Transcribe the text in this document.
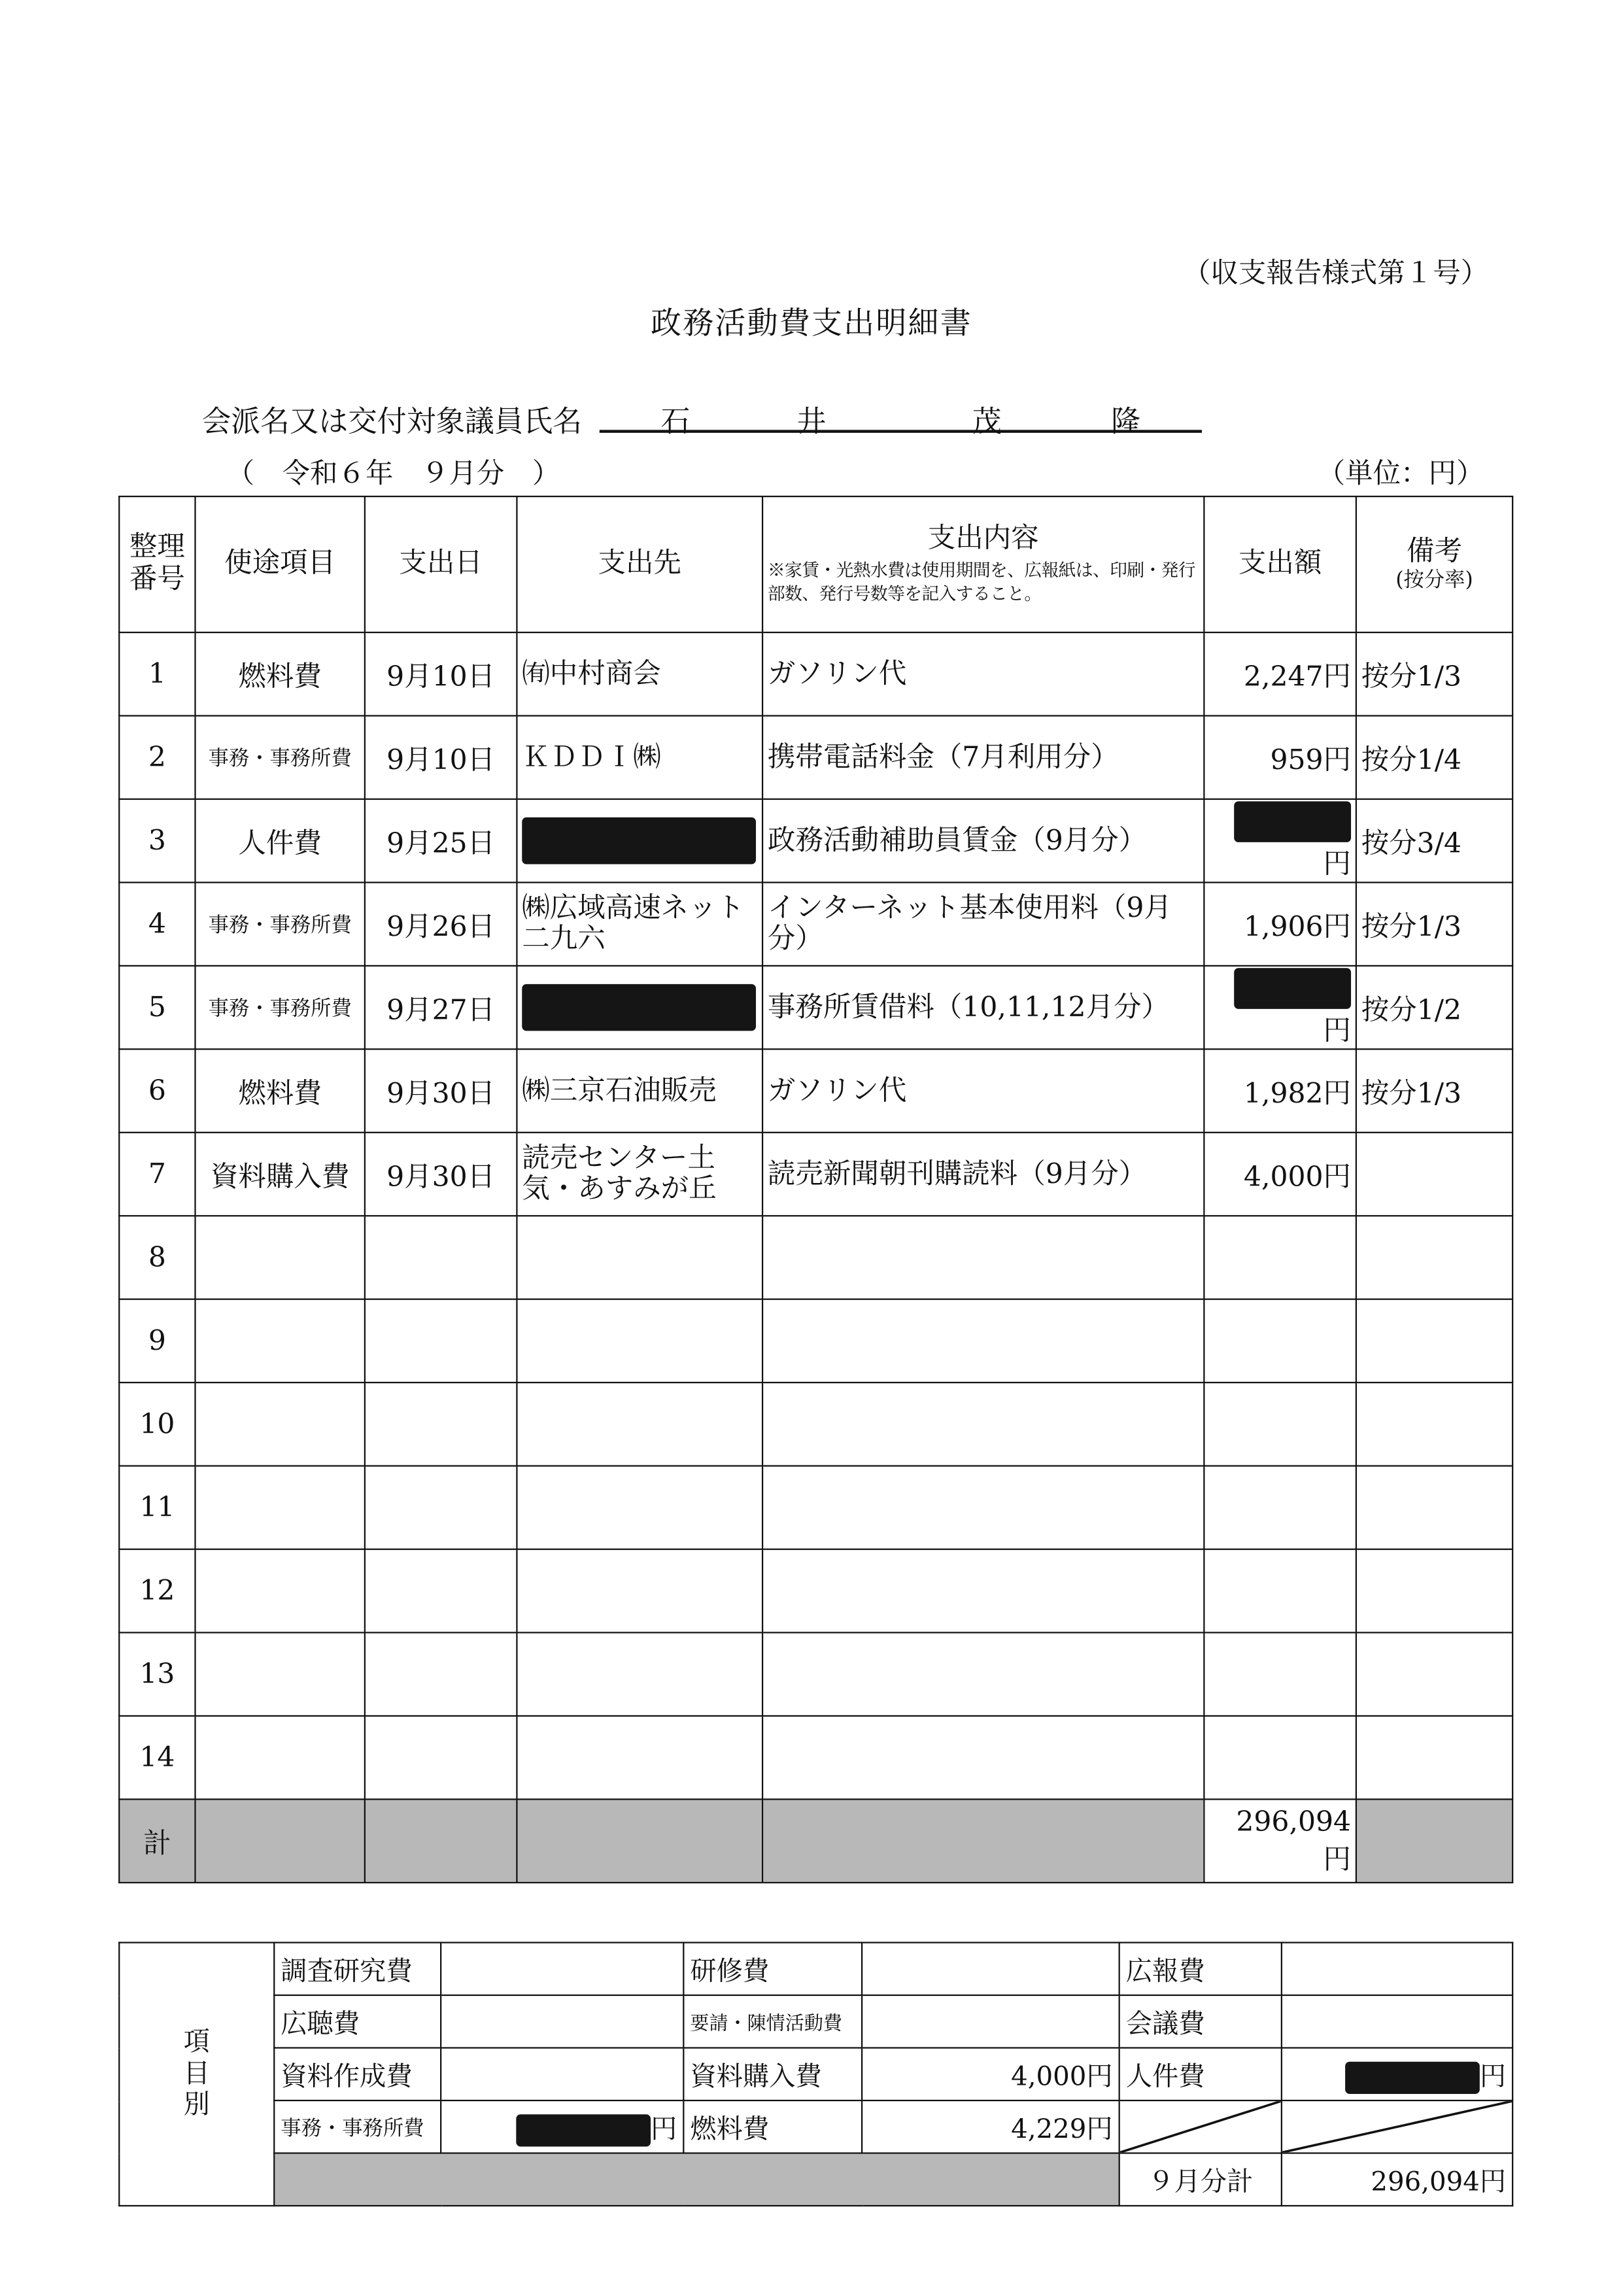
（収支報告様式第１号）
政務活動費支出明細書
会派名又は交付対象議員氏名	石	井	茂	隆
（　令和６年　９月分　）	（単位：円）
整理番号	使途項目	支出日	支出先	支出内容
※家賃・光熱水費は使用期間を、広報紙は、印刷・発行部数、発行号数等を記入すること。	支出額	備考
(按分率)

1	燃料費	9月10日	㈲中村商会	ガソリン代	2,247円	按分1/3
2	事務・事務所費	9月10日	ＫＤＤＩ㈱	携帯電話料金（7月利用分）	959円	按分1/4
3	人件費	9月25日		政務活動補助員賃金（9月分）	円	按分3/4
4	事務・事務所費	9月26日	㈱広域高速ネット二九六	インターネット基本使用料（9月分）	1,906円	按分1/3
5	事務・事務所費	9月27日		事務所賃借料（10,11,12月分）	円	按分1/2
6	燃料費	9月30日	㈱三京石油販売	ガソリン代	1,982円	按分1/3
7	資料購入費	9月30日	読売センター土気・あすみが丘	読売新聞朝刊購読料（9月分）	4,000円	
8						
9						
10						
11						
12						
13						
14						
計					296,094円	
項
目
別	調査研究費		研修費		広報費	
	広聴費		要請・陳情活動費		会議費	
	資料作成費		資料購入費	4,000円	人件費	円
	事務・事務所費	円	燃料費	4,229円	

					９月分計	296,094円
